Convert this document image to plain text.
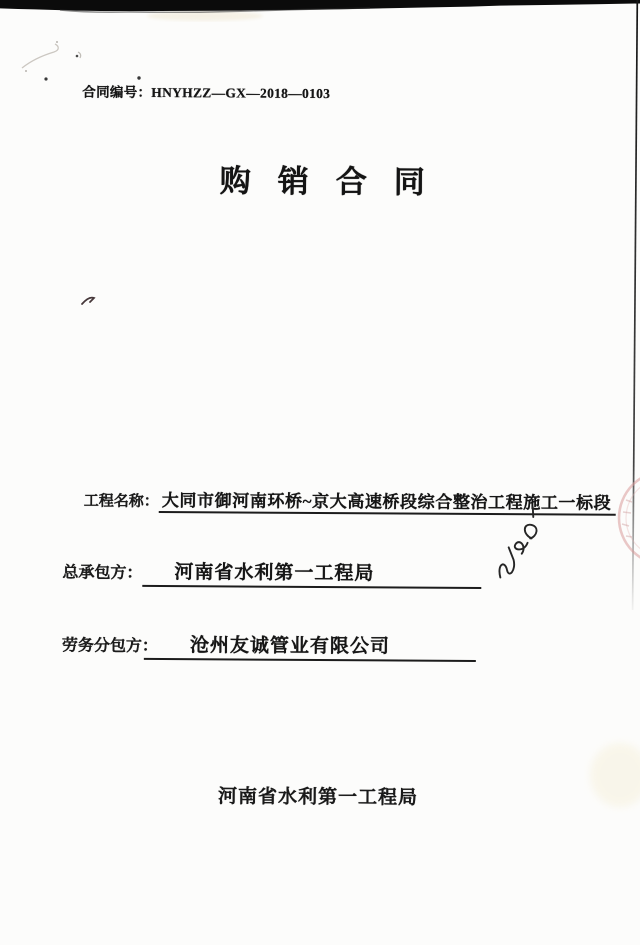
合同编号：HNYHZZ—GX—2018—0103
购销合同
工程名称： 大同市御河南环桥~京大高速桥段综合整治工程施工一标段
总承包方： 河南省水利第一工程局
劳务分包方： 沧州友诚管业有限公司
河南省水利第一工程局
